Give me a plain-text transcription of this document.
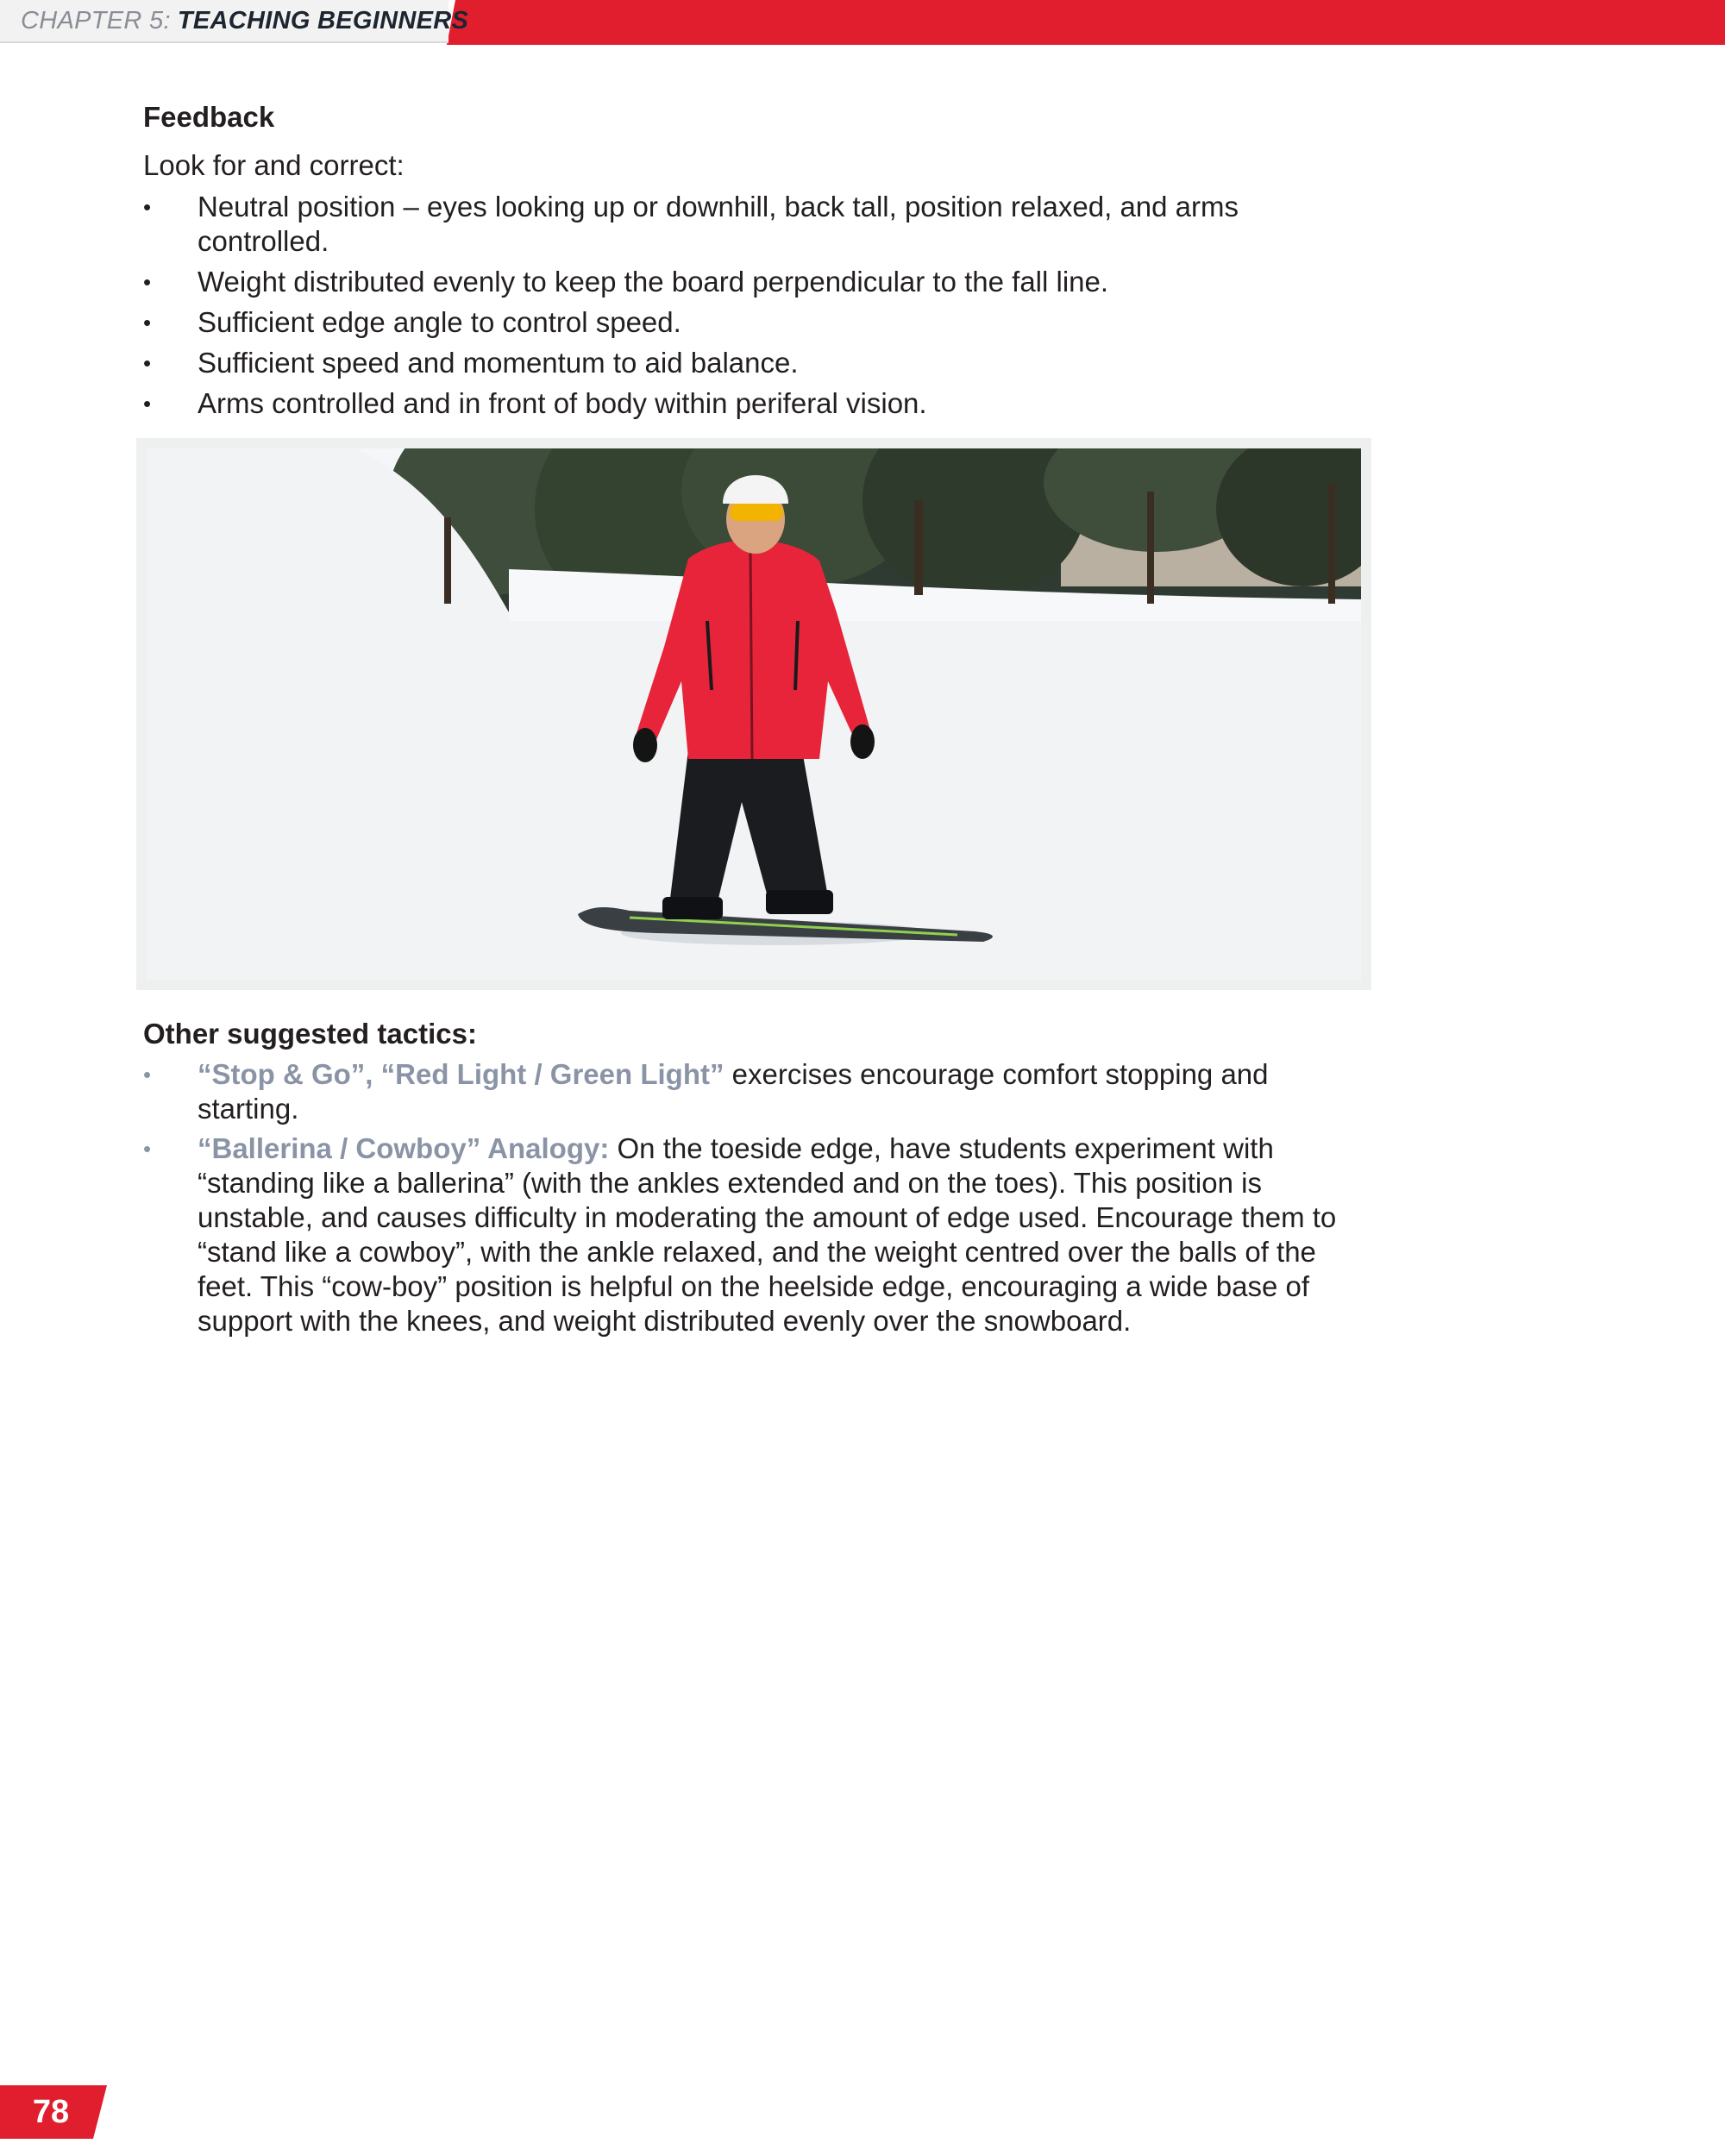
CHAPTER 5: TEACHING BEGINNERS
Feedback

Look for and correct:

• Neutral position – eyes looking up or downhill, back tall, position relaxed, and arms controlled.
• Weight distributed evenly to keep the board perpendicular to the fall line.
• Sufficient edge angle to control speed.
• Sufficient speed and momentum to aid balance.
• Arms controlled and in front of body within periferal vision.
Other suggested tactics:
• “Stop & Go”, “Red Light / Green Light” exercises encourage comfort stopping and starting.
• “Ballerina / Cowboy” Analogy: On the toeside edge, have students experiment with “standing like a ballerina” (with the ankles extended and on the toes). This position is unstable, and causes difficulty in moderating the amount of edge used. Encourage them to “stand like a cowboy”, with the ankle relaxed, and the weight centred over the balls of the feet. This “cow-boy” position is helpful on the heelside edge, encouraging a wide base of support with the knees, and weight distributed evenly over the snowboard.
78
